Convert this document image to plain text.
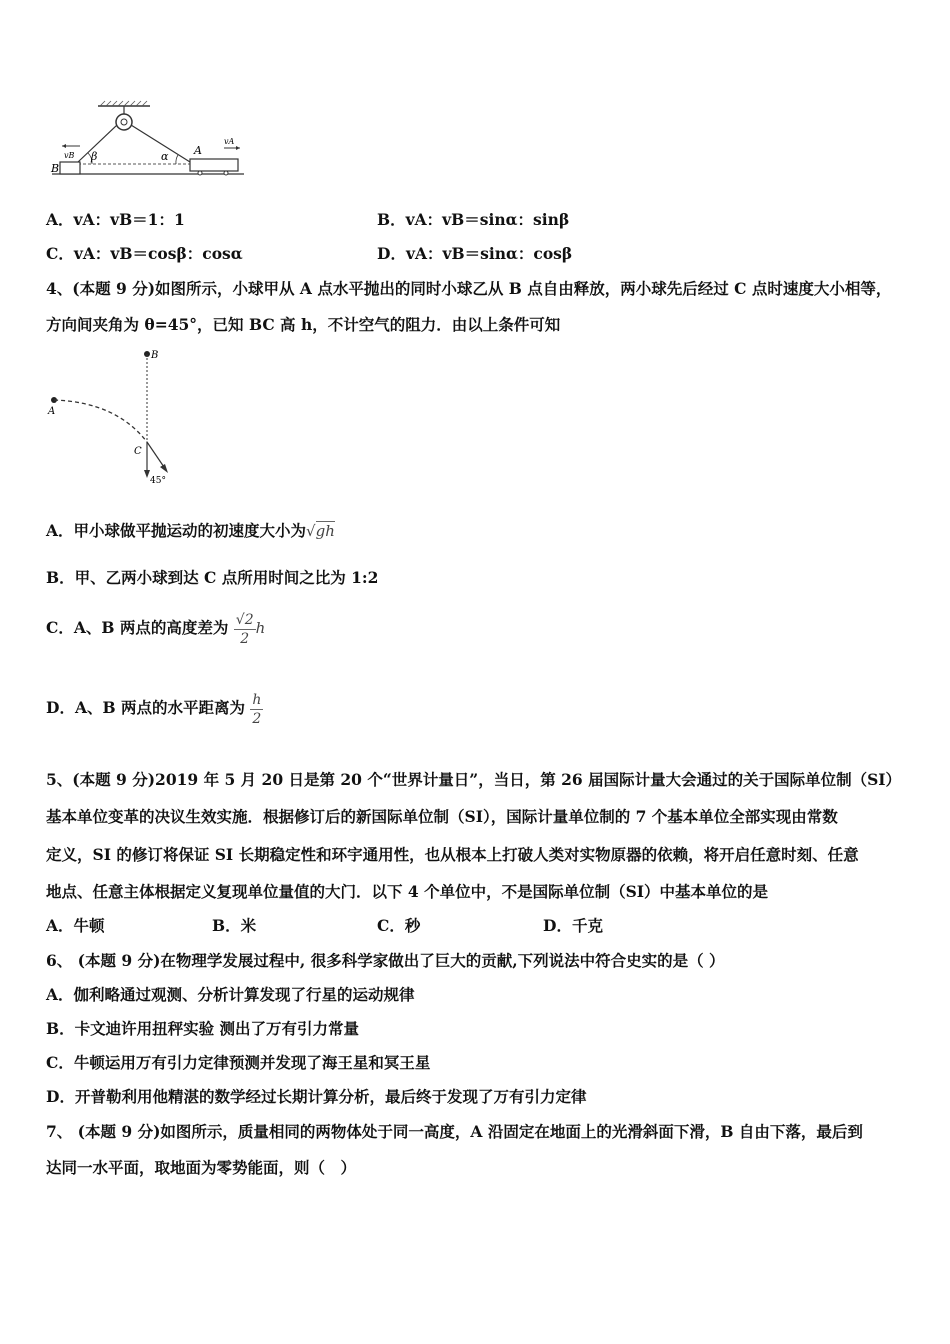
vB β
B
α A
vA
A．vA：vB＝1：1	B．vA：vB＝sinα：sinβ
C．vA：vB＝cosβ：cosα	D．vA：vB＝sinα：cosβ
4、(本题 9 分)如图所示，小球甲从 A 点水平抛出的同时小球乙从 B 点自由释放，两小球先后经过 C 点时速度大小相等，
方向间夹角为 θ=45°，已知 BC 高 h，不计空气的阻力．由以上条件可知
B
A
C
45°
A．甲小球做平抛运动的初速度大小为√gh
B．甲、乙两小球到达 C 点所用时间之比为 1:2
C．A、B 两点的高度差为 $\frac{√2}{2}$ h
D．A、B 两点的水平距离为 $\frac{h}{2}$
5、(本题 9 分)2019 年 5 月 20 日是第 20 个“世界计量日”，当日，第 26 届国际计量大会通过的关于国际单位制（SI）
基本单位变革的决议生效实施．根据修订后的新国际单位制（SI），国际计量单位制的 7 个基本单位全部实现由常数
定义，SI 的修订将保证 SI 长期稳定性和环宇通用性，也从根本上打破人类对实物原器的依赖，将开启任意时刻、任意
地点、任意主体根据定义复现单位量值的大门．以下 4 个单位中，不是国际单位制（SI）中基本单位的是
A．牛顿	B．米	C．秒	D．千克
6、 (本题 9 分)在物理学发展过程中, 很多科学家做出了巨大的贡献,下列说法中符合史实的是（ ）
A．伽利略通过观测、分析计算发现了行星的运动规律
B．卡文迪许用扭秤实验 测出了万有引力常量
C．牛顿运用万有引力定律预测并发现了海王星和冥王星
D．开普勒利用他精湛的数学经过长期计算分析，最后终于发现了万有引力定律
7、 (本题 9 分)如图所示，质量相同的两物体处于同一高度，A 沿固定在地面上的光滑斜面下滑，B 自由下落，最后到
达同一水平面，取地面为零势能面，则（　）
